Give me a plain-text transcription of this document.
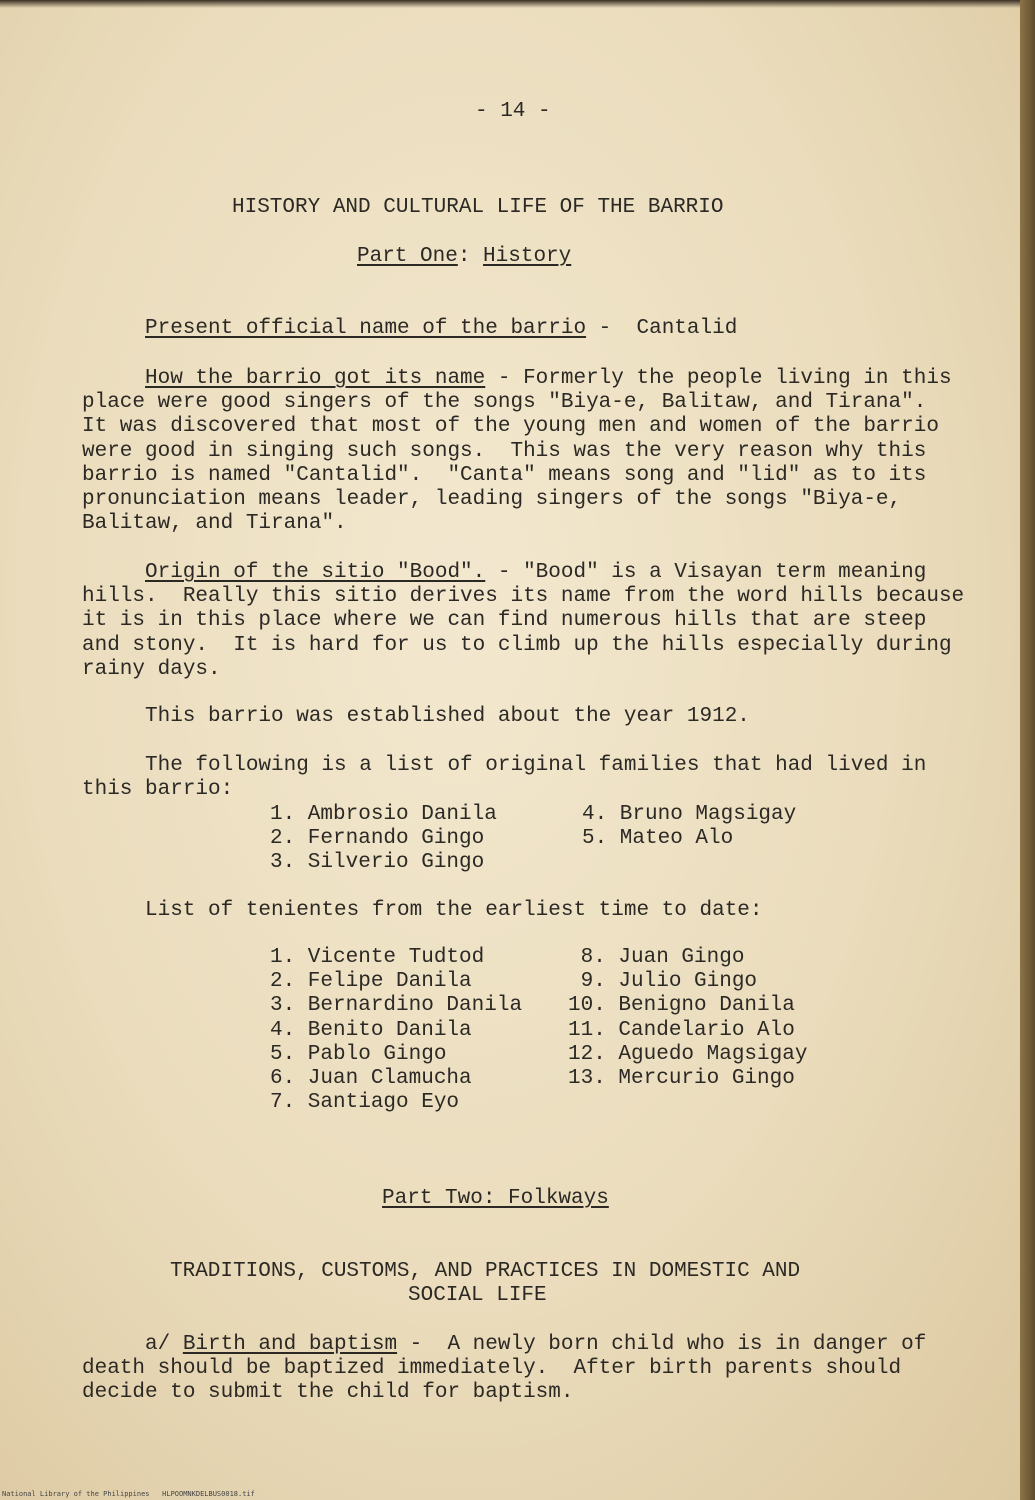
- 14 -
HISTORY AND CULTURAL LIFE OF THE BARRIO
Part One: History
Present official name of the barrio -  Cantalid
How the barrio got its name - Formerly the people living in this
place were good singers of the songs "Biya-e, Balitaw, and Tirana".
It was discovered that most of the young men and women of the barrio
were good in singing such songs.  This was the very reason why this
barrio is named "Cantalid".  "Canta" means song and "lid" as to its
pronunciation means leader, leading singers of the songs "Biya-e,
Balitaw, and Tirana".
Origin of the sitio "Bood". - "Bood" is a Visayan term meaning
hills.  Really this sitio derives its name from the word hills because
it is in this place where we can find numerous hills that are steep
and stony.  It is hard for us to climb up the hills especially during
rainy days.
This barrio was established about the year 1912.
The following is a list of original families that had lived in
this barrio:
1. Ambrosio Danila
2. Fernando Gingo
3. Silverio Gingo
4. Bruno Magsigay
5. Mateo Alo
List of tenientes from the earliest time to date:
1. Vicente Tudtod
2. Felipe Danila
3. Bernardino Danila
4. Benito Danila
5. Pablo Gingo
6. Juan Clamucha
7. Santiago Eyo
8. Juan Gingo
9. Julio Gingo
10. Benigno Danila
11. Candelario Alo
12. Aguedo Magsigay
13. Mercurio Gingo
Part Two: Folkways
TRADITIONS, CUSTOMS, AND PRACTICES IN DOMESTIC AND
SOCIAL LIFE
a/ Birth and baptism -  A newly born child who is in danger of
death should be baptized immediately.  After birth parents should
decide to submit the child for baptism.
National Library of the Philippines   HLPOOMNKDELBUS0018.tif
